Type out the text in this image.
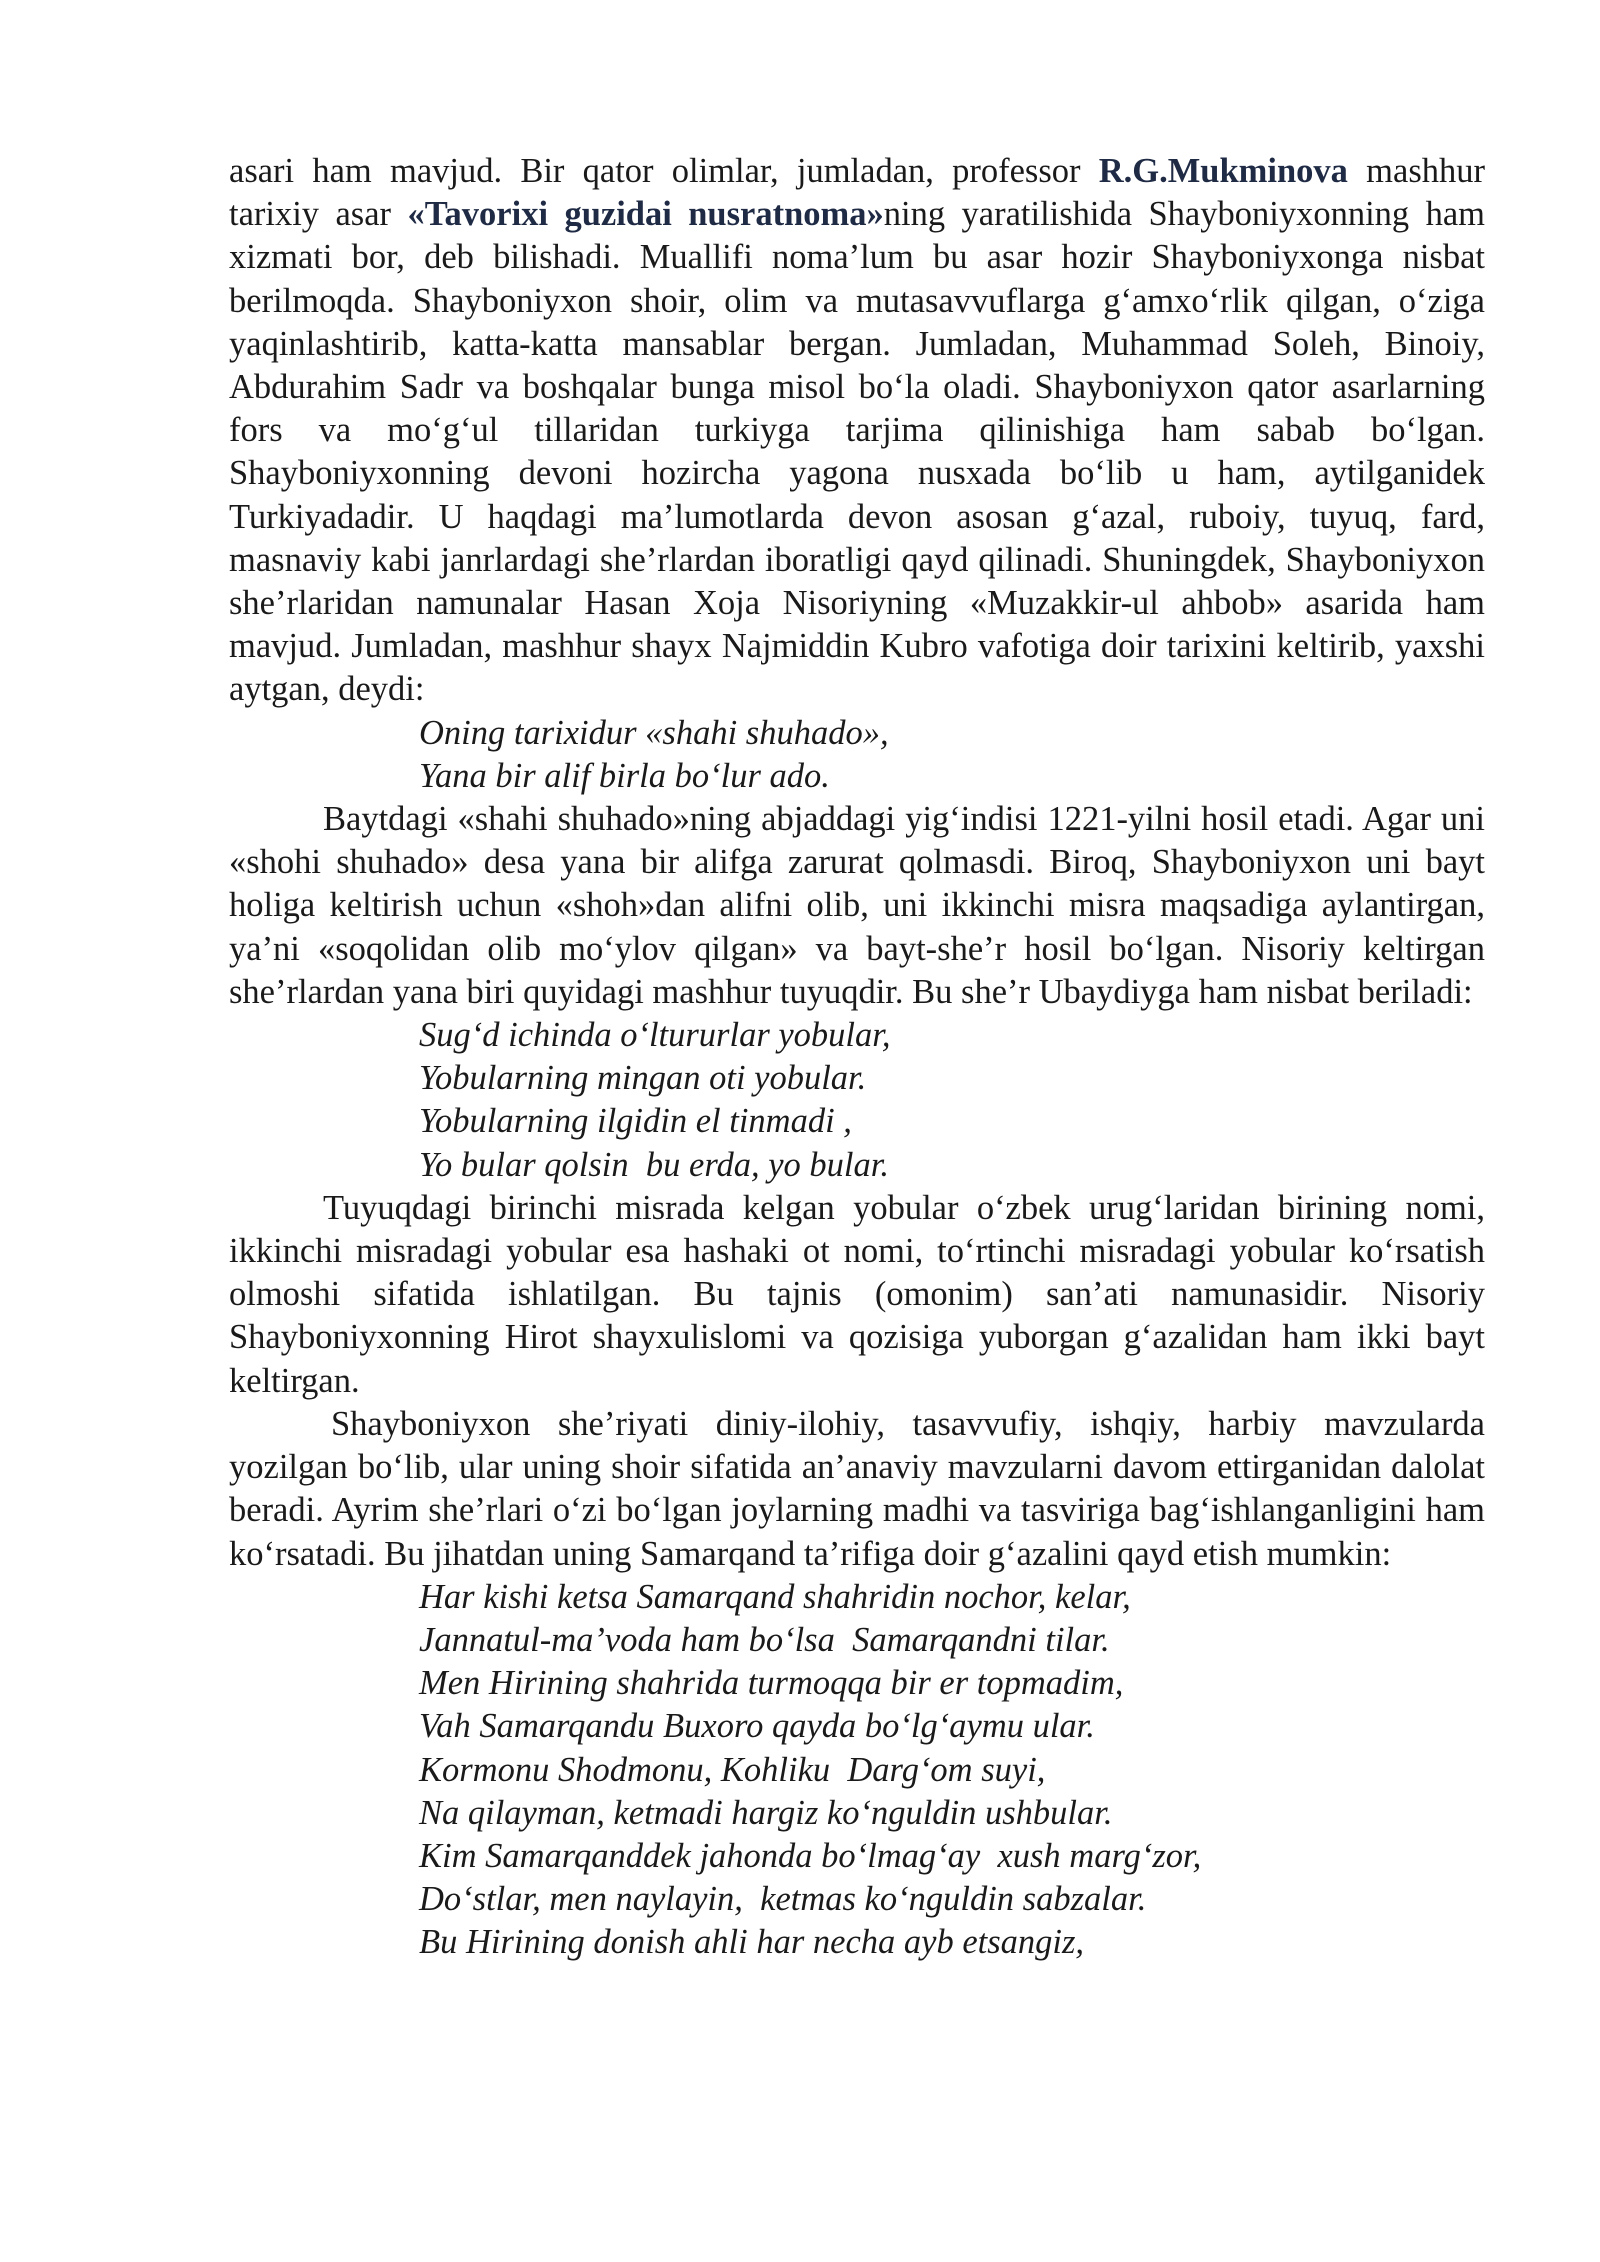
asari ham mavjud. Bir qator olimlar, jumladan, professor R.G.Mukminova mashhur tarixiy asar «Tavorixi guzidai nusratnoma»ning yaratilishida Shayboniyxonning ham xizmati bor, deb bilishadi. Muallifi noma’lum bu asar hozir Shayboniyxonga nisbat berilmoqda. Shayboniyxon shoir, olim va mutasavvuflarga g‘amxo‘rlik qilgan, o‘ziga yaqinlashtirib, katta-katta mansablar bergan. Jumladan, Muhammad Soleh, Binoiy, Abdurahim Sadr va boshqalar bunga misol bo‘la oladi. Shayboniyxon qator asarlarning fors va mo‘g‘ul tillaridan turkiyga tarjima qilinishiga ham sabab bo‘lgan. Shayboniyxonning devoni hozircha yagona nusxada bo‘lib u ham, aytilganidek Turkiyadadir. U haqdagi ma’lumotlarda devon asosan g‘azal, ruboiy, tuyuq, fard, masnaviy kabi janrlardagi she’rlardan iboratligi qayd qilinadi. Shuningdek, Shayboniyxon she’rlaridan namunalar Hasan Xoja Nisoriyning «Muzakkir-ul ahbob» asarida ham mavjud. Jumladan, mashhur shayx Najmiddin Kubro vafotiga doir tarixini keltirib, yaxshi aytgan, deydi:

Oning tarixidur «shahi shuhado»,
Yana bir alif birla bo‘lur ado.

Baytdagi «shahi shuhado»ning abjaddagi yig‘indisi 1221-yilni hosil etadi. Agar uni «shohi shuhado» desa yana bir alifga zarurat qolmasdi. Biroq, Shayboniyxon uni bayt holiga keltirish uchun «shoh»dan alifni olib, uni ikkinchi misra maqsadiga aylantirgan, ya’ni «soqolidan olib mo‘ylov qilgan» va bayt-she’r hosil bo‘lgan. Nisoriy keltirgan she’rlardan yana biri quyidagi mashhur tuyuqdir. Bu she’r Ubaydiyga ham nisbat beriladi:

Sug‘d ichinda o‘ltururlar yobular,
Yobularning mingan oti yobular.
Yobularning ilgidin el tinmadi ,
Yo bular qolsin  bu erda, yo bular.

Tuyuqdagi birinchi misrada kelgan yobular o‘zbek urug‘laridan birining nomi, ikkinchi misradagi yobular esa hashaki ot nomi, to‘rtinchi misradagi yobular ko‘rsatish olmoshi sifatida ishlatilgan. Bu tajnis (omonim) san’ati namunasidir. Nisoriy Shayboniyxonning Hirot shayxulislomi va qozisiga yuborgan g‘azalidan ham ikki bayt keltirgan.

Shayboniyxon she’riyati diniy-ilohiy, tasavvufiy, ishqiy, harbiy mavzularda yozilgan bo‘lib, ular uning shoir sifatida an’anaviy mavzularni davom ettirganidan dalolat beradi. Ayrim she’rlari o‘zi bo‘lgan joylarning madhi va tasviriga bag‘ishlanganligini ham ko‘rsatadi. Bu jihatdan uning Samarqand ta’rifiga doir g‘azalini qayd etish mumkin:

Har kishi ketsa Samarqand shahridin nochor, kelar,
Jannatul-ma’voda ham bo‘lsa  Samarqandni tilar.
Men Hirining shahrida turmoqqa bir er topmadim,
Vah Samarqandu Buxoro qayda bo‘lg‘aymu ular.
Kormonu Shodmonu, Kohliku  Darg‘om suyi,
Na qilayman, ketmadi hargiz ko‘nguldin ushbular.
Kim Samarqanddek jahonda bo‘lmag‘ay  xush marg‘zor,
Do‘stlar, men naylayin,  ketmas ko‘nguldin sabzalar.
Bu Hirining donish ahli har necha ayb etsangiz,
